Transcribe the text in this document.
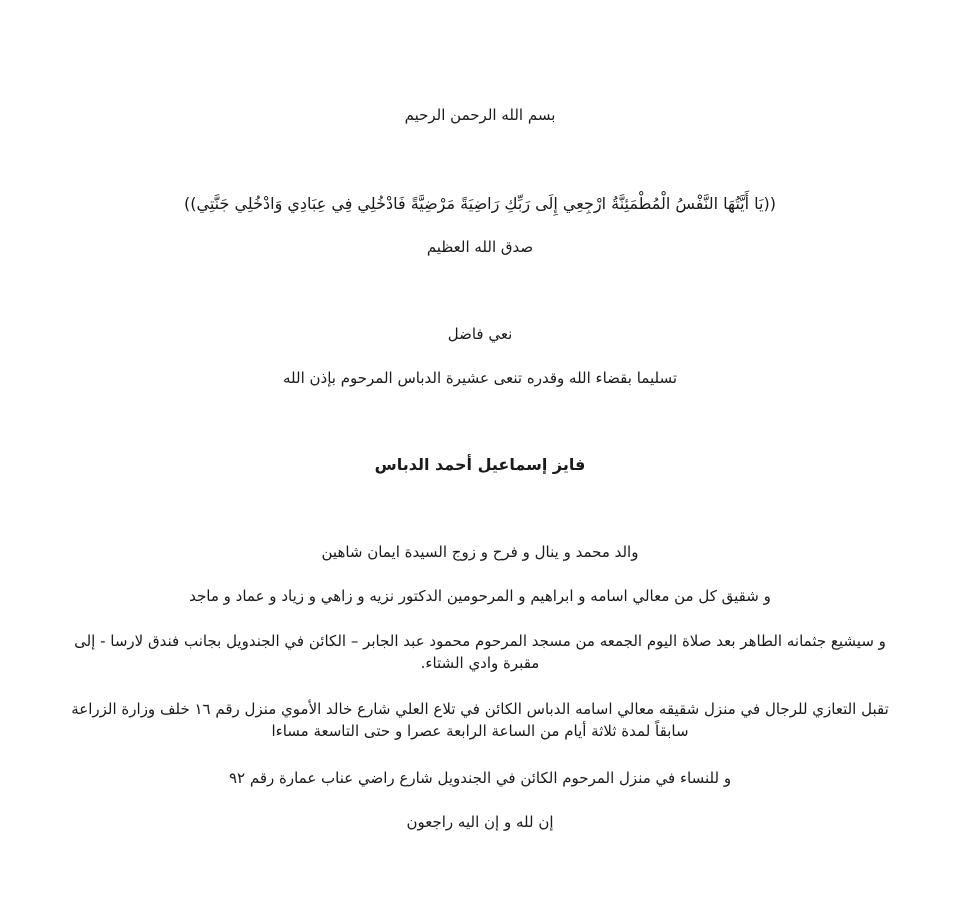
بسم الله الرحمن الرحيم
((يَا أَيَّتُهَا النَّفْسُ الْمُطْمَئِنَّةُ ارْجِعِي إِلَى رَبِّكِ رَاضِيَةً مَرْضِيَّةً فَادْخُلِي فِي عِبَادِي وَادْخُلِي جَنَّتِي))
صدق الله العظيم
نعي فاضل
تسليما بقضاء الله وقدره تنعى عشيرة الدباس المرحوم بإذن الله
فايز إسماعيل أحمد الدباس
والد محمد و ينال و فرح و زوج السيدة ايمان شاهين
و شقيق كل من معالي اسامه و ابراهيم و المرحومين الدكتور نزيه و زاهي و زياد و عماد و ماجد
و سيشيع جثمانه الطاهر بعد صلاة اليوم الجمعه من مسجد المرحوم محمود عبد الجابر – الكائن في الجندويل بجانب فندق لارسا - إلى
مقبرة وادي الشتاء.
تقبل التعازي للرجال في منزل شقيقه معالي اسامه الدباس الكائن في تلاع العلي شارع خالد الأموي منزل رقم ١٦ خلف وزارة الزراعة
سابقاً لمدة ثلاثة أيام من الساعة الرابعة عصرا و حتى التاسعة مساءا
و للنساء في منزل المرحوم الكائن في الجندويل شارع راضي عناب عمارة رقم ٩٢
إن لله و إن اليه راجعون
